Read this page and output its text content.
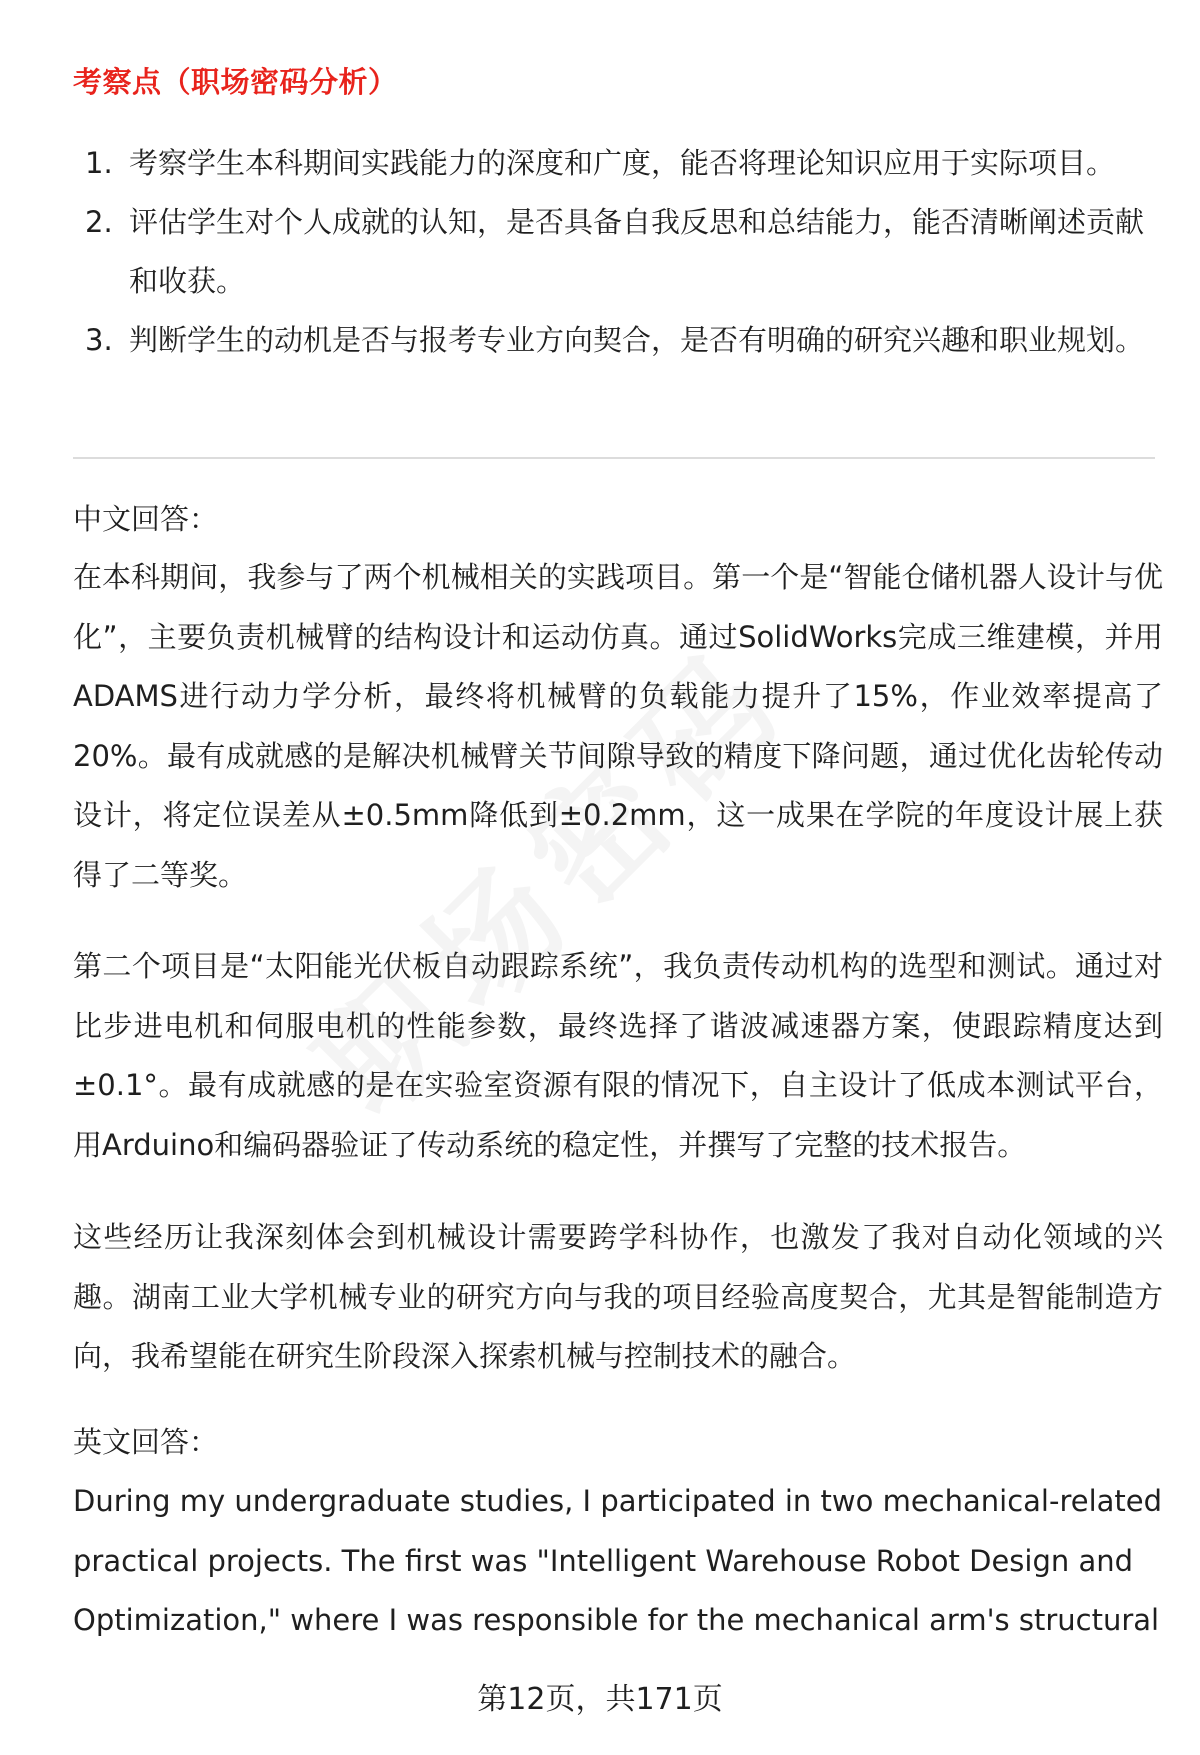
考察点（职场密码分析）
1. 考察学生本科期间实践能力的深度和广度，能否将理论知识应用于实际项目。
2. 评估学生对个人成就的认知，是否具备自我反思和总结能力，能否清晰阐述贡献和收获。
3. 判断学生的动机是否与报考专业方向契合，是否有明确的研究兴趣和职业规划。
中文回答：

在本科期间，我参与了两个机械相关的实践项目。第一个是“智能仓储机器人设计与优化”，主要负责机械臂的结构设计和运动仿真。通过SolidWorks完成三维建模，并用ADAMS进行动力学分析，最终将机械臂的负载能力提升了15%，作业效率提高了20%。最有成就感的是解决机械臂关节间隙导致的精度下降问题，通过优化齿轮传动设计，将定位误差从±0.5mm降低到±0.2mm，这一成果在学院的年度设计展上获得了二等奖。

第二个项目是“太阳能光伏板自动跟踪系统”，我负责传动机构的选型和测试。通过对比步进电机和伺服电机的性能参数，最终选择了谐波减速器方案，使跟踪精度达到±0.1°。最有成就感的是在实验室资源有限的情况下，自主设计了低成本测试平台，用Arduino和编码器验证了传动系统的稳定性，并撰写了完整的技术报告。

这些经历让我深刻体会到机械设计需要跨学科协作，也激发了我对自动化领域的兴趣。湖南工业大学机械专业的研究方向与我的项目经验高度契合，尤其是智能制造方向，我希望能在研究生阶段深入探索机械与控制技术的融合。

英文回答：

During my undergraduate studies, I participated in two mechanical-related practical projects. The first was "Intelligent Warehouse Robot Design and Optimization," where I was responsible for the mechanical arm's structural

第12页，共171页
